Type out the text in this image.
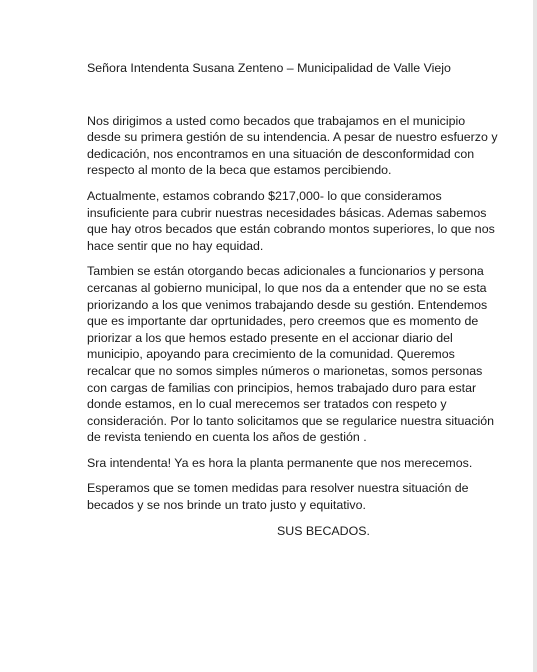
Señora Intendenta Susana Zenteno – Municipalidad de Valle Viejo
Nos dirigimos a usted como becados que trabajamos en el municipio
desde su primera gestión de su intendencia. A pesar de nuestro esfuerzo y
dedicación, nos encontramos en una situación de desconformidad con
respecto al monto de la beca que estamos percibiendo.
Actualmente, estamos cobrando $217,000- lo que consideramos
insuficiente para cubrir nuestras necesidades básicas. Ademas sabemos
que hay otros becados que están cobrando montos superiores, lo que nos
hace sentir que no hay equidad.
Tambien se están otorgando becas adicionales a funcionarios y persona
cercanas al gobierno municipal, lo que nos da a entender que no se esta
priorizando a los que venimos trabajando desde su gestión. Entendemos
que es importante dar oprtunidades, pero creemos que es momento de
priorizar a los que hemos estado presente en el accionar diario del
municipio, apoyando para crecimiento de la comunidad. Queremos
recalcar que no somos simples números o marionetas, somos personas
con cargas de familias con principios, hemos trabajado duro para estar
donde estamos, en lo cual merecemos ser tratados con respeto y
consideración. Por lo tanto solicitamos que se regularice nuestra situación
de revista teniendo en cuenta los años de gestión .
Sra intendenta! Ya es hora la planta permanente que nos merecemos.
Esperamos que se tomen medidas para resolver nuestra situación de
becados y se nos brinde un trato justo y equitativo.
SUS BECADOS.
